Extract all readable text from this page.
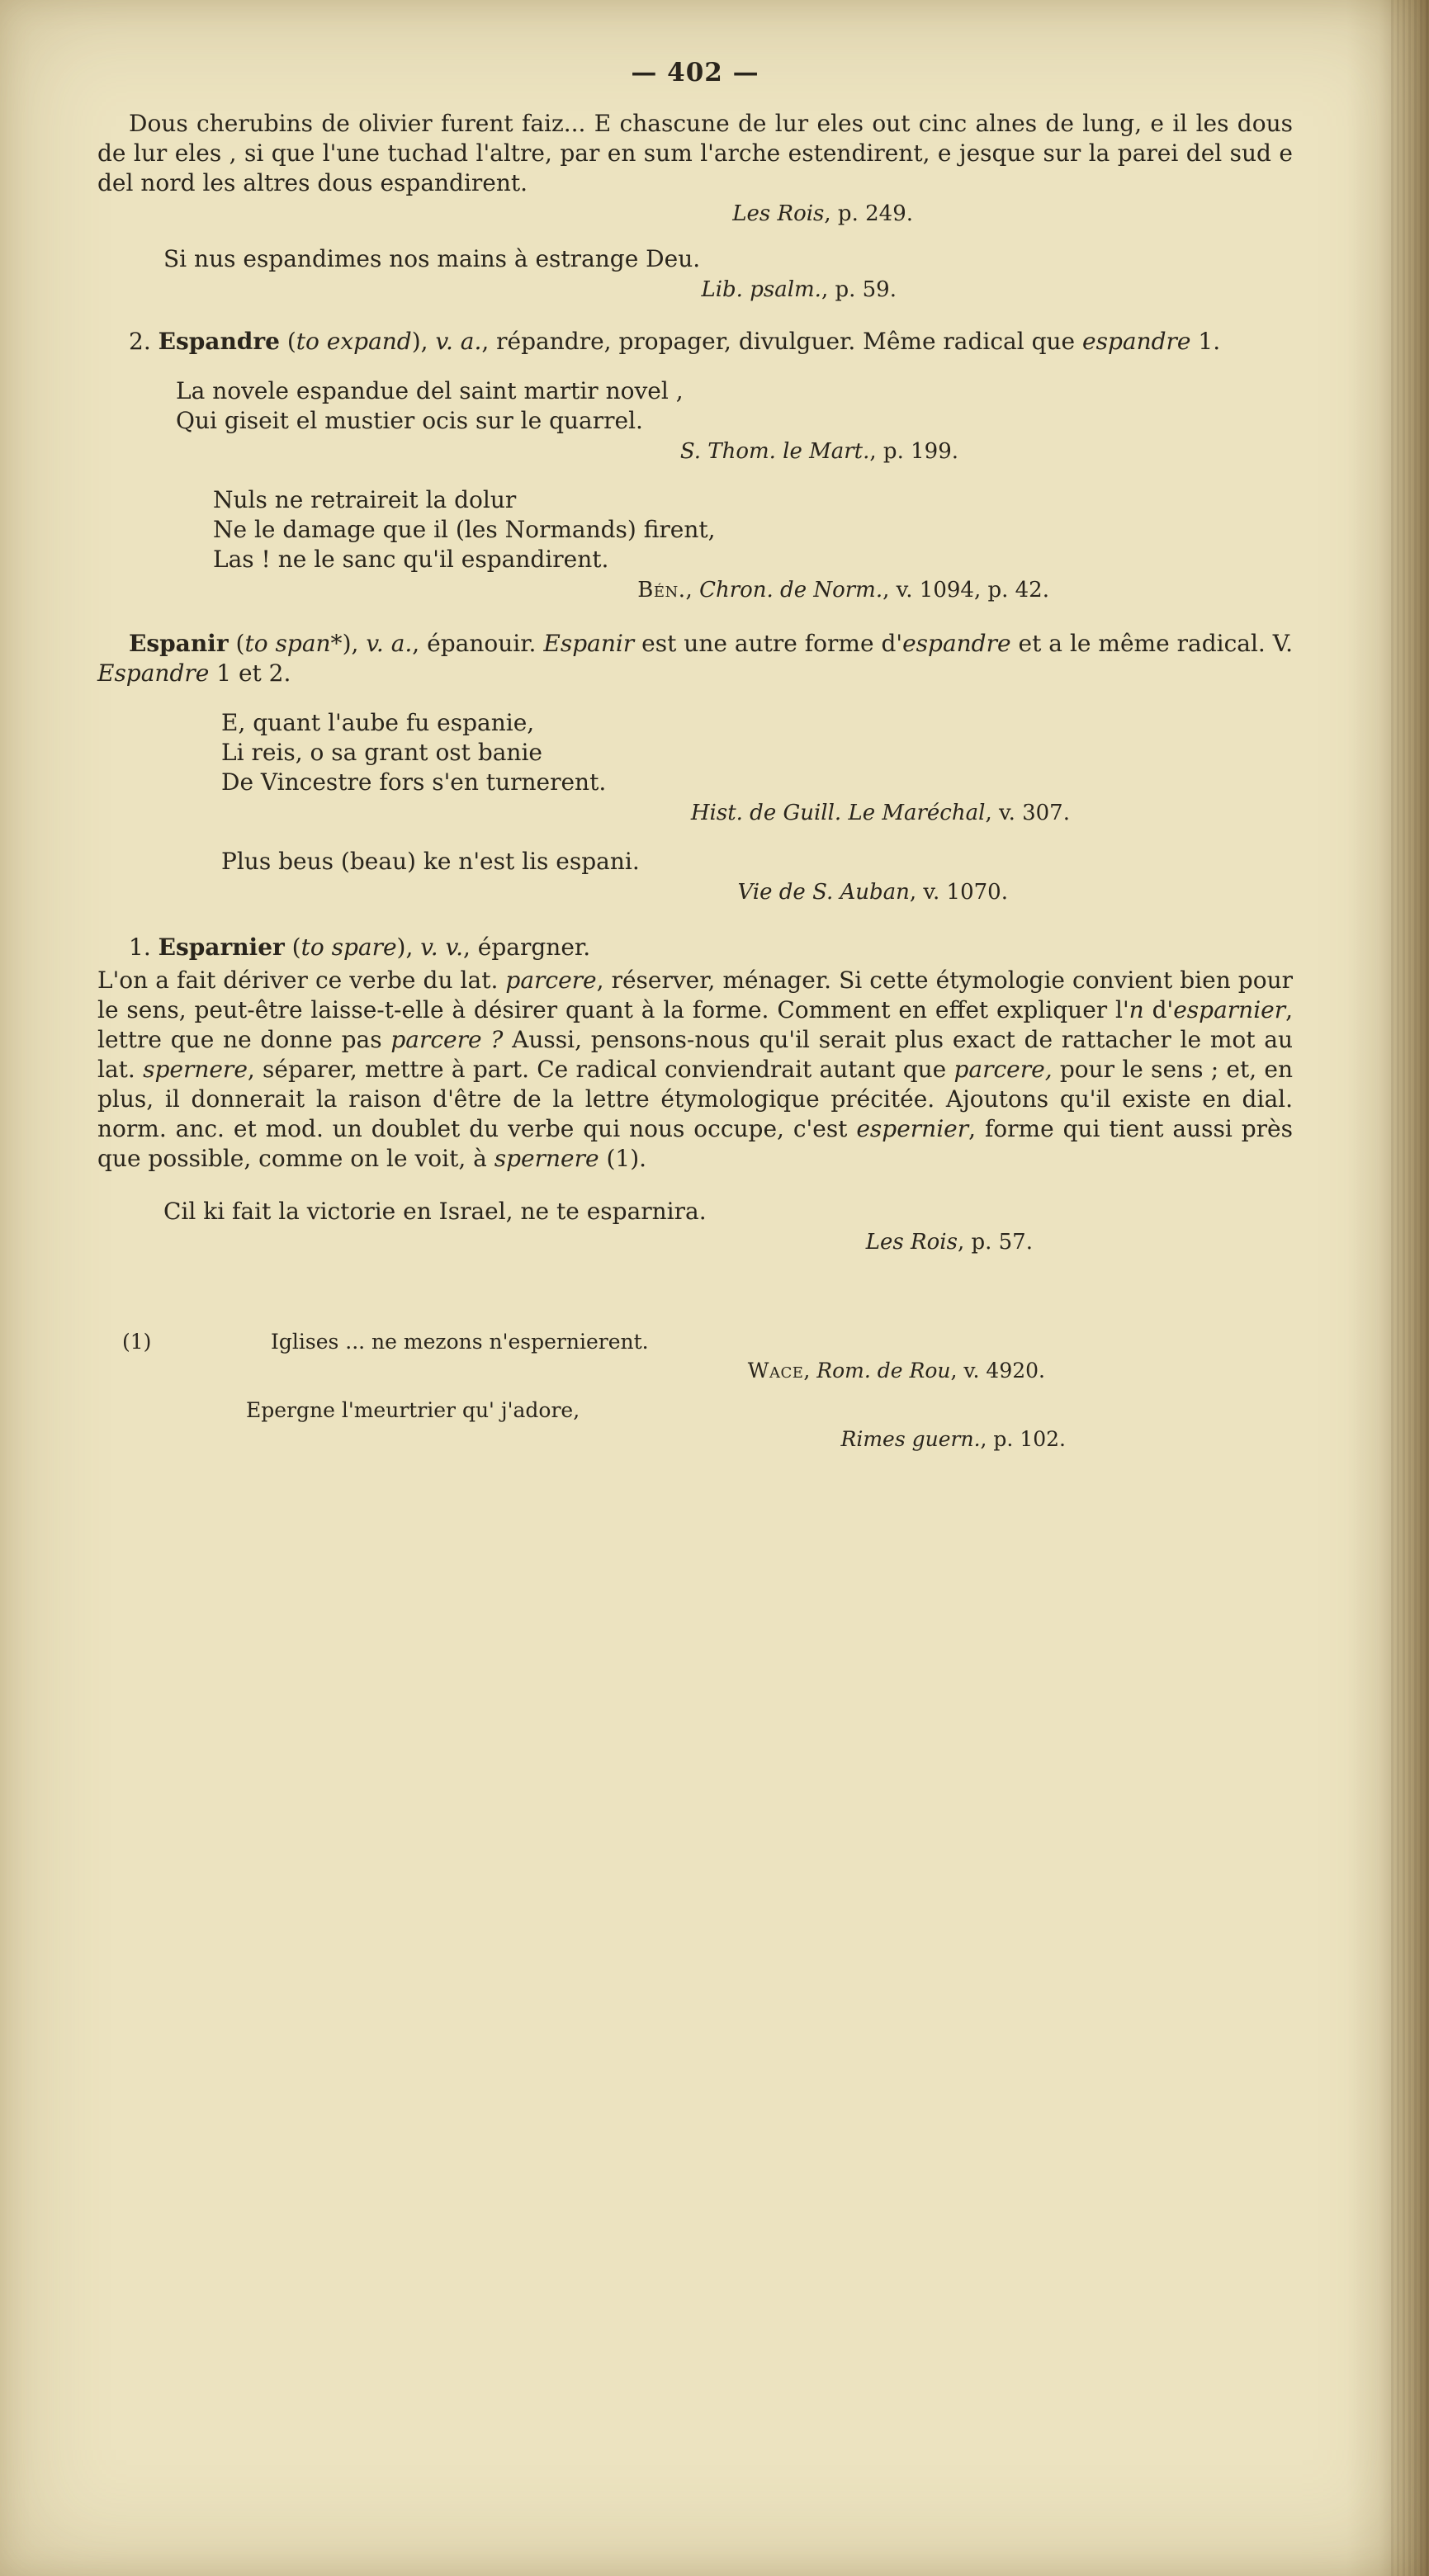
— 402 —

Dous cherubins de olivier furent faiz... E chascune de lur eles out cinc alnes de lung, e il les dous de lur eles , si que l'une tuchad l'altre, par en sum l'arche estendirent, e jesque sur la parei del sud e del nord les altres dous espandirent.

Les Rois, p. 249.

Si nus espandimes nos mains à estrange Deu.

Lib. psalm., p. 59.

2. Espandre (to expand), v. a., répandre, propager, divulguer. Même radical que espandre 1.

La novele espandue del saint martir novel ,
Qui giseit el mustier ocis sur le quarrel.
S. Thom. le Mart., p. 199.
Nuls ne retraireit la dolur
Ne le damage que il (les Normands) firent,
Las ! ne le sanc qu'il espandirent.
Bén., Chron. de Norm., v. 1094, p. 42.

Espanir (to span*), v. a., épanouir. Espanir est une autre forme d'espandre et a le même radical. V. Espandre 1 et 2.

E, quant l'aube fu espanie,
Li reis, o sa grant ost banie
De Vincestre fors s'en turnerent.
Hist. de Guill. Le Maréchal, v. 307.

Plus beus (beau) ke n'est lis espani.

Vie de S. Auban, v. 1070.

1. Esparnier (to spare), v. v., épargner.

L'on a fait dériver ce verbe du lat. parcere, réserver, ménager. Si cette étymologie convient bien pour le sens, peut-être laisse-t-elle à désirer quant à la forme. Comment en effet expliquer l'n d'esparnier, lettre que ne donne pas parcere ? Aussi, pensons-nous qu'il serait plus exact de rattacher le mot au lat. spernere, séparer, mettre à part. Ce radical conviendrait autant que parcere, pour le sens ; et, en plus, il donnerait la raison d'être de la lettre étymologique précitée. Ajoutons qu'il existe en dial. norm. anc. et mod. un doublet du verbe qui nous occupe, c'est espernier, forme qui tient aussi près que possible, comme on le voit, à spernere (1).

Cil ki fait la victorie en Israel, ne te esparnira.

Les Rois, p. 57.
(1)	Iglises ... ne mezons n'espernierent.
Wace, Rom. de Rou, v. 4920.
Epergne l'meurtrier qu' j'adore,
Rimes guern., p. 102.
